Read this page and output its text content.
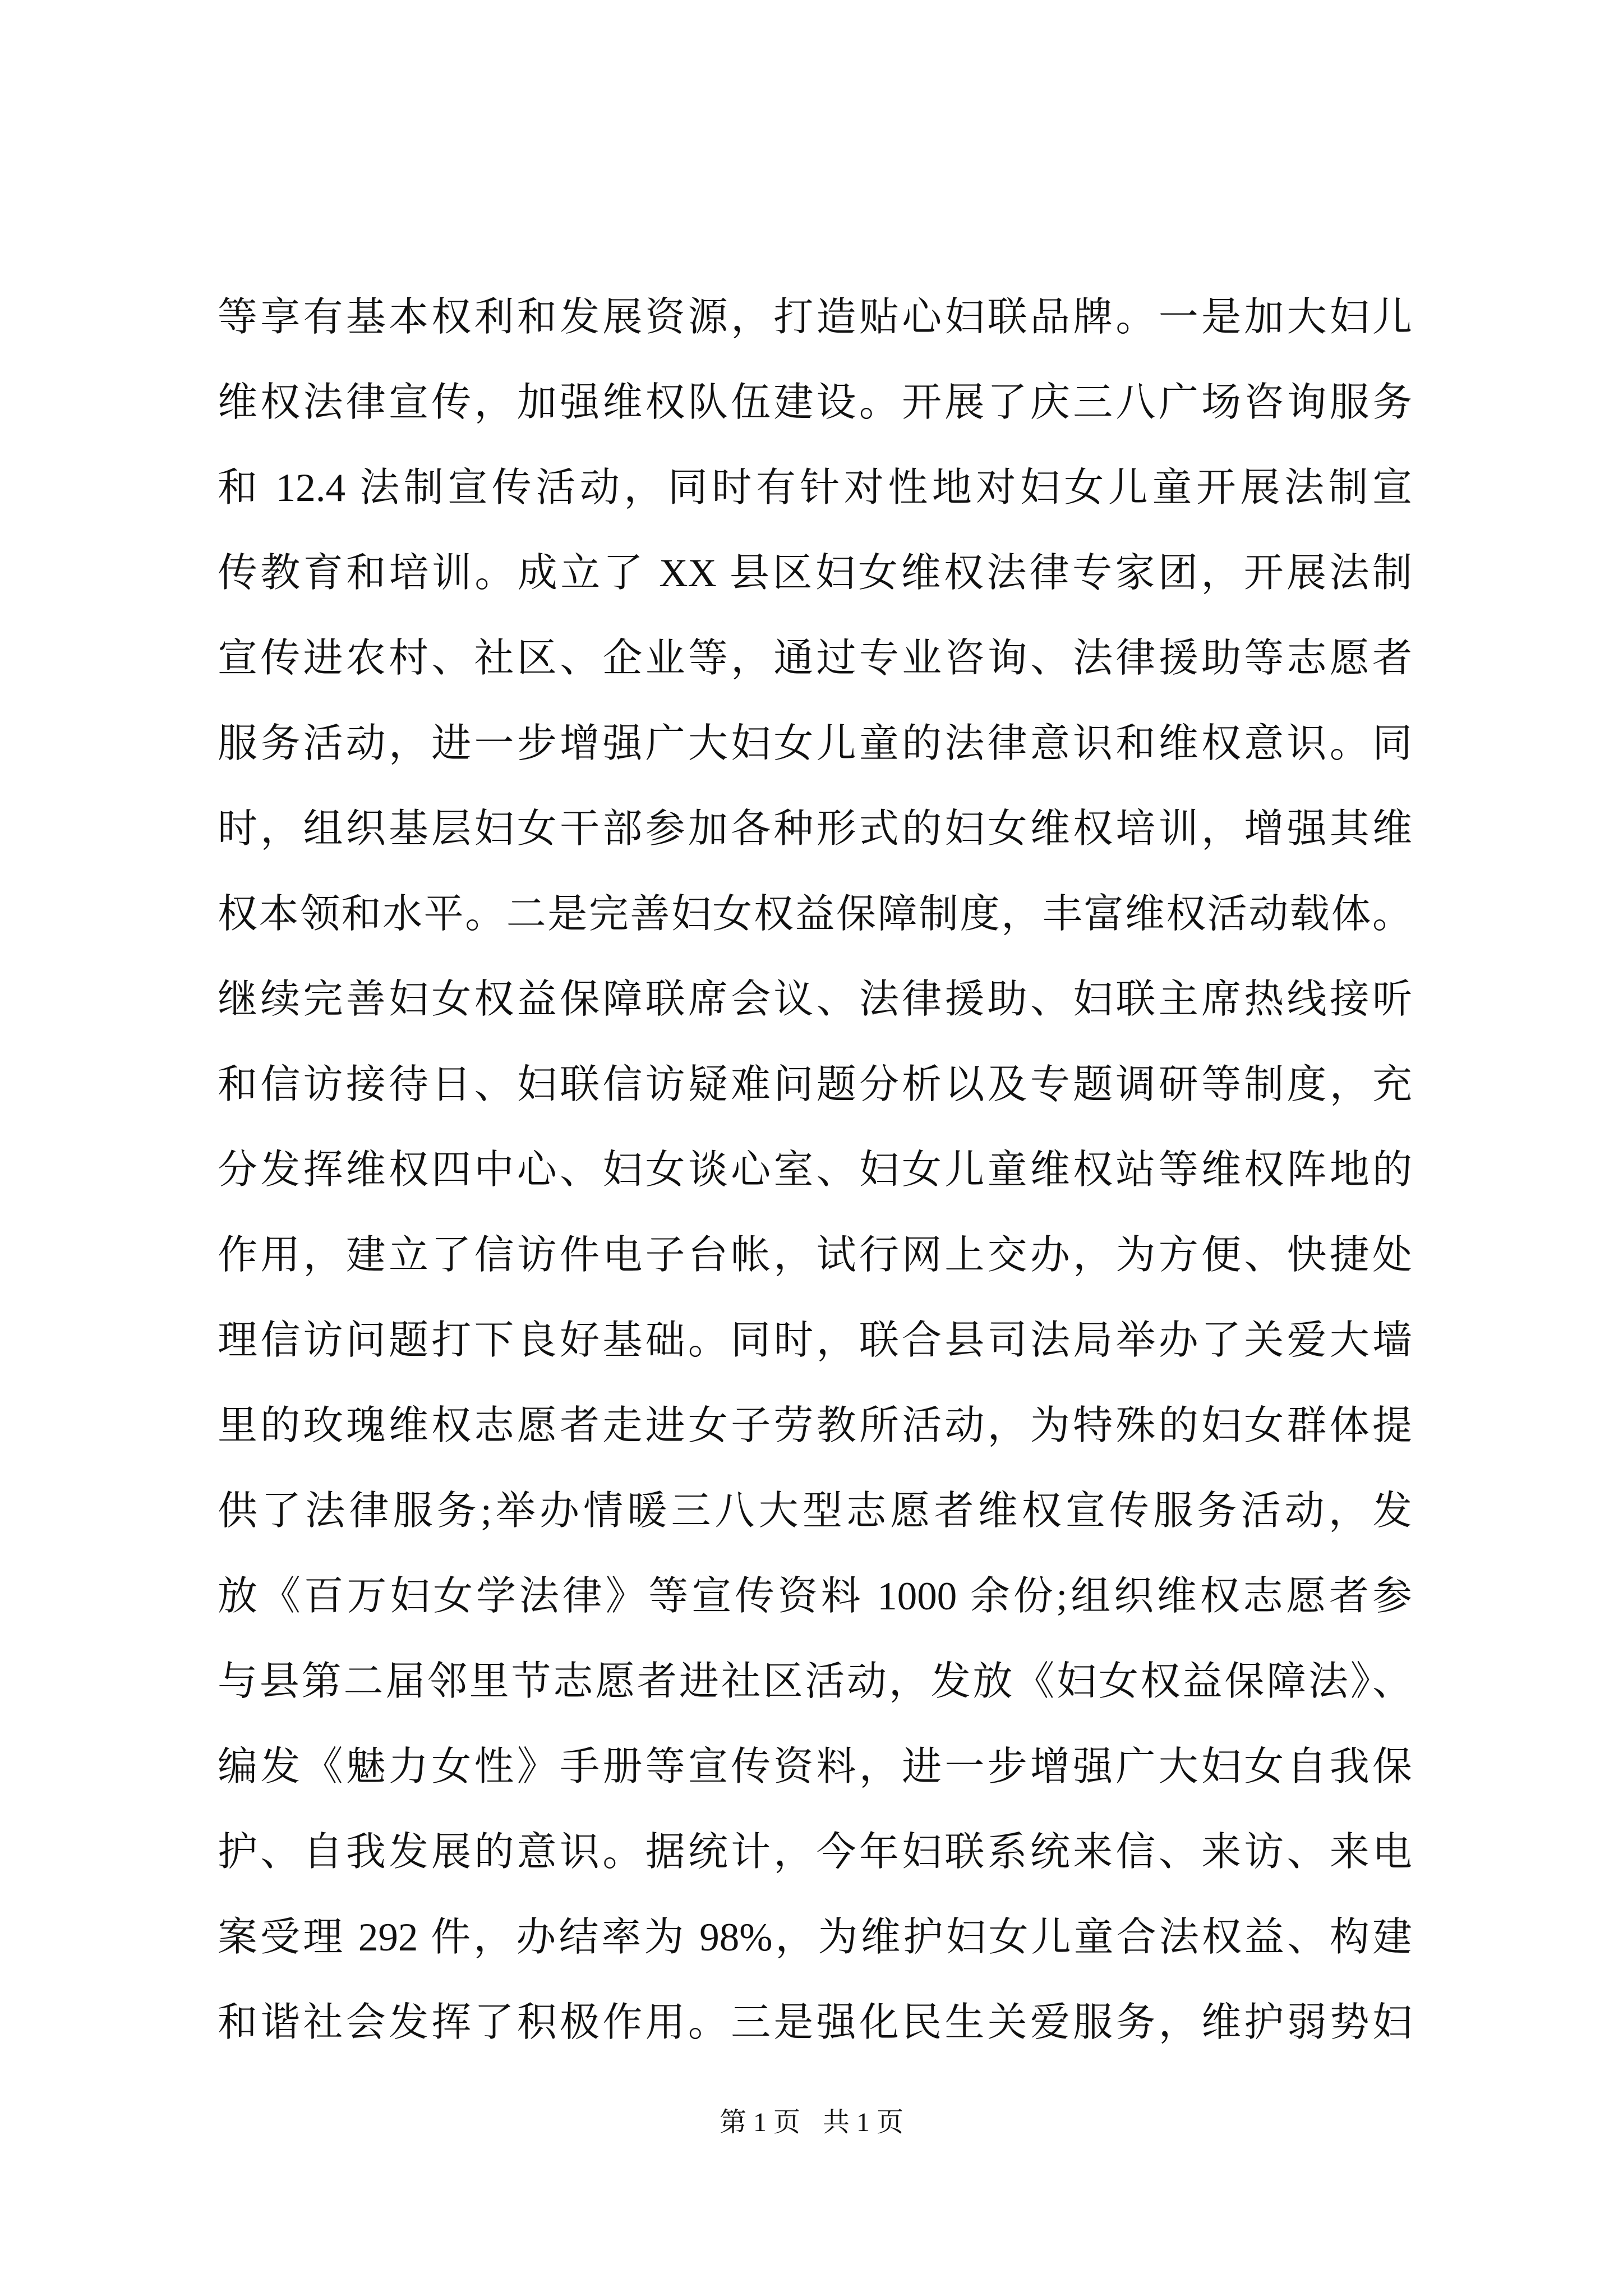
等享有基本权利和发展资源，打造贴心妇联品牌。一是加大妇儿
维权法律宣传，加强维权队伍建设。开展了庆三八广场咨询服务
和 12.4 法制宣传活动，同时有针对性地对妇女儿童开展法制宣
传教育和培训。成立了 XX 县区妇女维权法律专家团，开展法制
宣传进农村、社区、企业等，通过专业咨询、法律援助等志愿者
服务活动，进一步增强广大妇女儿童的法律意识和维权意识。同
时，组织基层妇女干部参加各种形式的妇女维权培训，增强其维
权本领和水平。二是完善妇女权益保障制度，丰富维权活动载体。
继续完善妇女权益保障联席会议、法律援助、妇联主席热线接听
和信访接待日、妇联信访疑难问题分析以及专题调研等制度，充
分发挥维权四中心、妇女谈心室、妇女儿童维权站等维权阵地的
作用，建立了信访件电子台帐，试行网上交办，为方便、快捷处
理信访问题打下良好基础。同时，联合县司法局举办了关爱大墙
里的玫瑰维权志愿者走进女子劳教所活动，为特殊的妇女群体提
供了法律服务;举办情暖三八大型志愿者维权宣传服务活动，发
放《百万妇女学法律》等宣传资料 1000 余份;组织维权志愿者参
与县第二届邻里节志愿者进社区活动，发放《妇女权益保障法》、
编发《魅力女性》手册等宣传资料，进一步增强广大妇女自我保
护、自我发展的意识。据统计，今年妇联系统来信、来访、来电
案受理 292 件，办结率为 98%，为维护妇女儿童合法权益、构建
和谐社会发挥了积极作用。三是强化民生关爱服务，维护弱势妇
第 1 页 共 1 页
